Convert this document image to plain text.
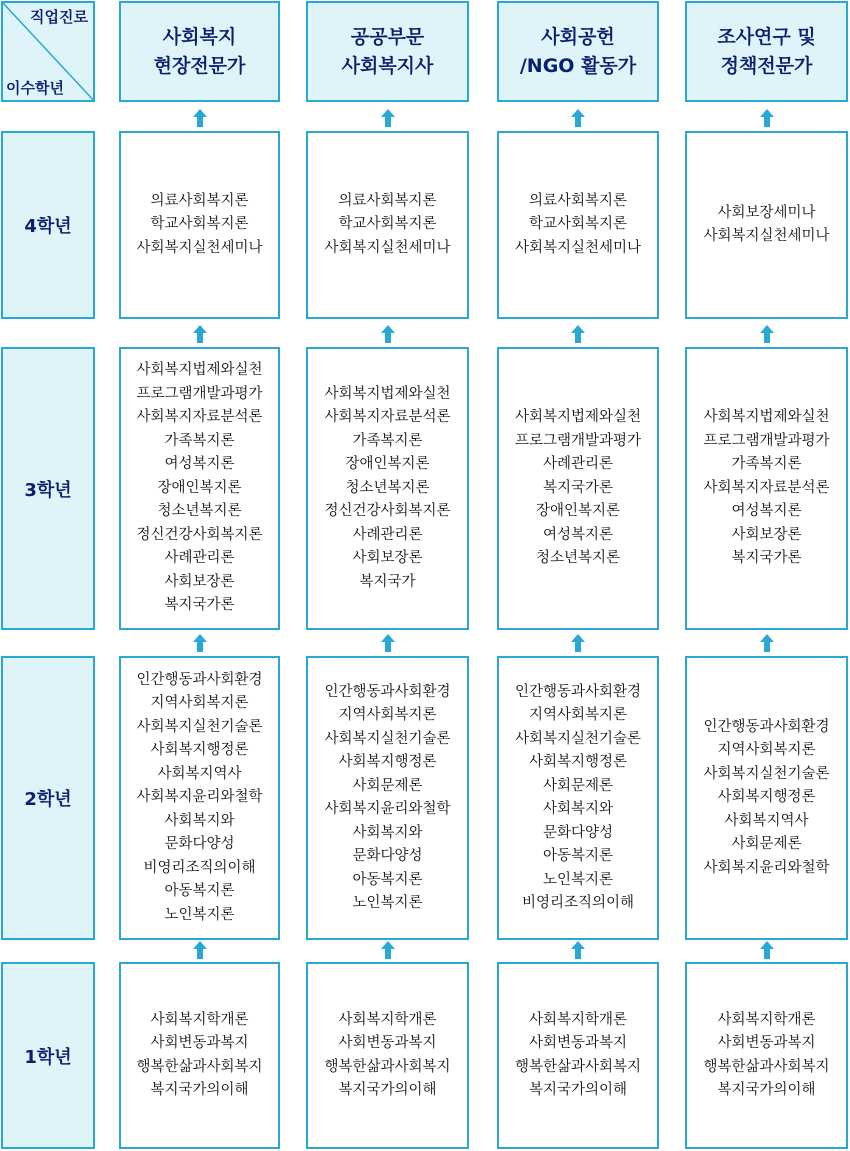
직업진로
이수학년
사회복지
현장전문가
공공부문
사회복지사
사회공헌
/NGO 활동가
조사연구 및
정책전문가
4학년
의료사회복지론
학교사회복지론
사회복지실천세미나
의료사회복지론
학교사회복지론
사회복지실천세미나
의료사회복지론
학교사회복지론
사회복지실천세미나
사회보장세미나
사회복지실천세미나
3학년
사회복지법제와실천
프로그램개발과평가
사회복지자료분석론
가족복지론
여성복지론
장애인복지론
청소년복지론
정신건강사회복지론
사례관리론
사회보장론
복지국가론
사회복지법제와실천
사회복지자료분석론
가족복지론
장애인복지론
청소년복지론
정신건강사회복지론
사례관리론
사회보장론
복지국가
사회복지법제와실천
프로그램개발과평가
사례관리론
복지국가론
장애인복지론
여성복지론
청소년복지론
사회복지법제와실천
프로그램개발과평가
가족복지론
사회복지자료분석론
여성복지론
사회보장론
복지국가론
2학년
인간행동과사회환경
지역사회복지론
사회복지실천기술론
사회복지행정론
사회복지역사
사회복지윤리와철학
사회복지와
문화다양성
비영리조직의이해
아동복지론
노인복지론
인간행동과사회환경
지역사회복지론
사회복지실천기술론
사회복지행정론
사회문제론
사회복지윤리와철학
사회복지와
문화다양성
아동복지론
노인복지론
인간행동과사회환경
지역사회복지론
사회복지실천기술론
사회복지행정론
사회문제론
사회복지와
문화다양성
아동복지론
노인복지론
비영리조직의이해
인간행동과사회환경
지역사회복지론
사회복지실천기술론
사회복지행정론
사회복지역사
사회문제론
사회복지윤리와철학
1학년
사회복지학개론
사회변동과복지
행복한삶과사회복지
복지국가의이해
사회복지학개론
사회변동과복지
행복한삶과사회복지
복지국가의이해
사회복지학개론
사회변동과복지
행복한삶과사회복지
복지국가의이해
사회복지학개론
사회변동과복지
행복한삶과사회복지
복지국가의이해
